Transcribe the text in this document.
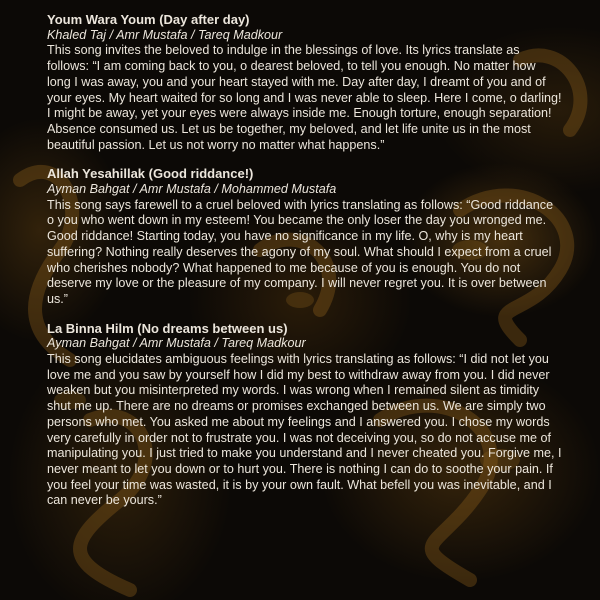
Youm Wara Youm (Day after day)

Khaled Taj / Amr Mustafa / Tareq Madkour

This song invites the beloved to indulge in the blessings of love. Its lyrics translate as follows: “I am coming back to you, o dearest beloved, to tell you enough. No matter how long I was away, you and your heart stayed with me. Day after day, I dreamt of you and of your eyes. My heart waited for so long and I was never able to sleep. Here I come, o darling! I might be away, yet your eyes were always inside me. Enough torture, enough separation! Absence consumed us. Let us be together, my beloved, and let life unite us in the most beautiful passion. Let us not worry no matter what happens.”

Allah Yesahillak (Good riddance!)

Ayman Bahgat / Amr Mustafa / Mohammed Mustafa

This song says farewell to a cruel beloved with lyrics translating as follows: “Good riddance o you who went down in my esteem! You became the only loser the day you wronged me. Good riddance! Starting today, you have no significance in my life. O, why is my heart suffering? Nothing really deserves the agony of my soul. What should I expect from a cruel who cherishes nobody? What happened to me because of you is enough. You do not deserve my love or the pleasure of my company. I will never regret you. It is over between us.”

La Binna Hilm (No dreams between us)

Ayman Bahgat / Amr Mustafa / Tareq Madkour

This song elucidates ambiguous feelings with lyrics translating as follows: “I did not let you love me and you saw by yourself how I did my best to withdraw away from you. I did never weaken but you misinterpreted my words. I was wrong when I remained silent as timidity shut me up. There are no dreams or promises exchanged between us. We are simply two persons who met. You asked me about my feelings and I answered you. I chose my words very carefully in order not to frustrate you. I was not deceiving you, so do not accuse me of manipulating you. I just tried to make you understand and I never cheated you. Forgive me, I never meant to let you down or to hurt you. There is nothing I can do to soothe your pain. If you feel your time was wasted, it is by your own fault. What befell you was inevitable, and I can never be yours.”
